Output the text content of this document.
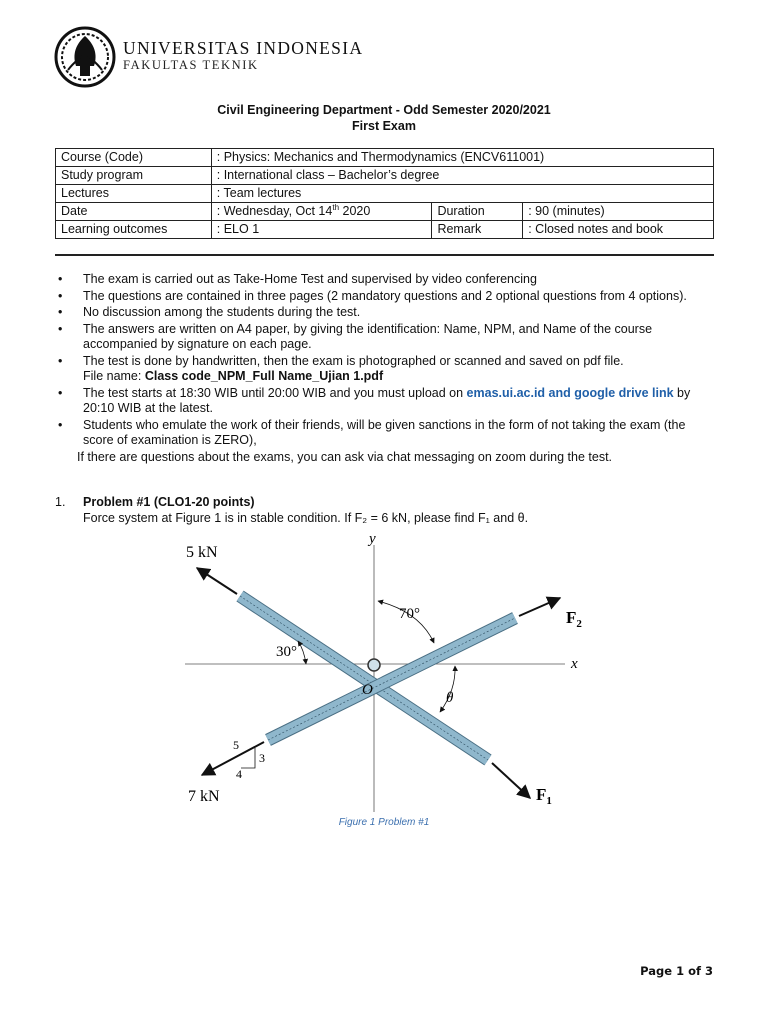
UNIVERSITAS INDONESIA
FAKULTAS TEKNIK
Civil Engineering Department - Odd Semester 2020/2021
First Exam
Course (Code)	: Physics: Mechanics and Thermodynamics (ENCV611001)		
Study program	: International class – Bachelor’s degree		
Lectures	: Team lectures		
Date	: Wednesday, Oct 14th 2020	Duration	: 90 (minutes)
Learning outcomes	: ELO 1	Remark	: Closed notes and book
• The exam is carried out as Take-Home Test and supervised by video conferencing
• The questions are contained in three pages (2 mandatory questions and 2 optional questions from 4 options).
• No discussion among the students during the test.
• The answers are written on A4 paper, by giving the identification: Name, NPM, and Name of the course accompanied by signature on each page.
• The test is done by handwritten, then the exam is photographed or scanned and saved on pdf file.
File name: Class code_NPM_Full Name_Ujian 1.pdf
• The test starts at 18:30 WIB until 20:00 WIB and you must upload on emas.ui.ac.id and google drive link by 20:10 WIB at the latest.
• Students who emulate the work of their friends, will be given sanctions in the form of not taking the exam (the score of examination is ZERO),
If there are questions about the exams, you can ask via chat messaging on zoom during the test.
1. Problem #1 (CLO1-20 points)
Force system at Figure 1 is in stable condition. If F₂ = 6 kN, please find F₁ and θ.
5 kN
7 kN
$F_2$
$F_1$
y
x
O
70°
30°
θ
5
4
3
Figure 1 Problem #1
Page 1 of 3
